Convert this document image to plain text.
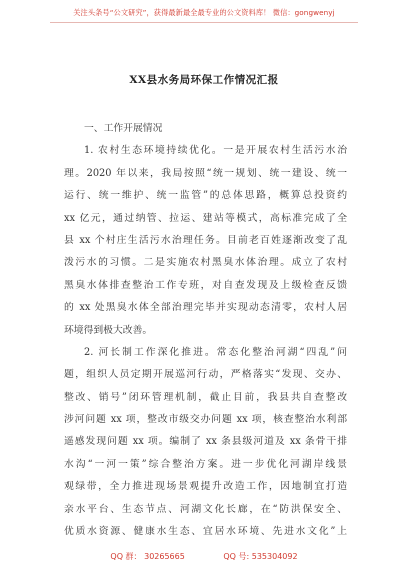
关注头条号“公文研究”，获得最新最全最专业的公文资料库！ 微信：gongwenyj
XX县水务局环保工作情况汇报
一、工作开展情况
1. 农村生态环境持续优化。一是开展农村生活污水治
理。2020 年以来，我局按照“统一规划、统一建设、统一
运行、统一维护、统一监管”的总体思路，概算总投资约
xx 亿元，通过纳管、拉运、建站等模式，高标准完成了全
县 xx 个村庄生活污水治理任务。目前老百姓逐渐改变了乱
泼污水的习惯。二是实施农村黑臭水体治理。成立了农村
黑臭水体排查整治工作专班，对自查发现及上级检查反馈
的 xx 处黑臭水体全部治理完毕并实现动态清零，农村人居
环境得到极大改善。
2. 河长制工作深化推进。常态化整治河湖“四乱”问
题，组织人员定期开展巡河行动，严格落实“发现、交办、
整改、销号”闭环管理机制，截止目前，我县共自查整改
涉河问题 xx 项，整改市级交办问题 xx 项，核查整治水利部
遥感发现问题 xx 项。编制了 xx 条县级河道及 xx 条骨干排
水沟“一河一策”综合整治方案。进一步优化河湖岸线景
观绿带，全力推进现场景观提升改造工作，因地制宜打造
亲水平台、生态节点、河湖文化长廊，在“防洪保安全、
优质水资源、健康水生态、宜居水环境、先进水文化”上
QQ 群： 30265665	QQ 号: 535304092
